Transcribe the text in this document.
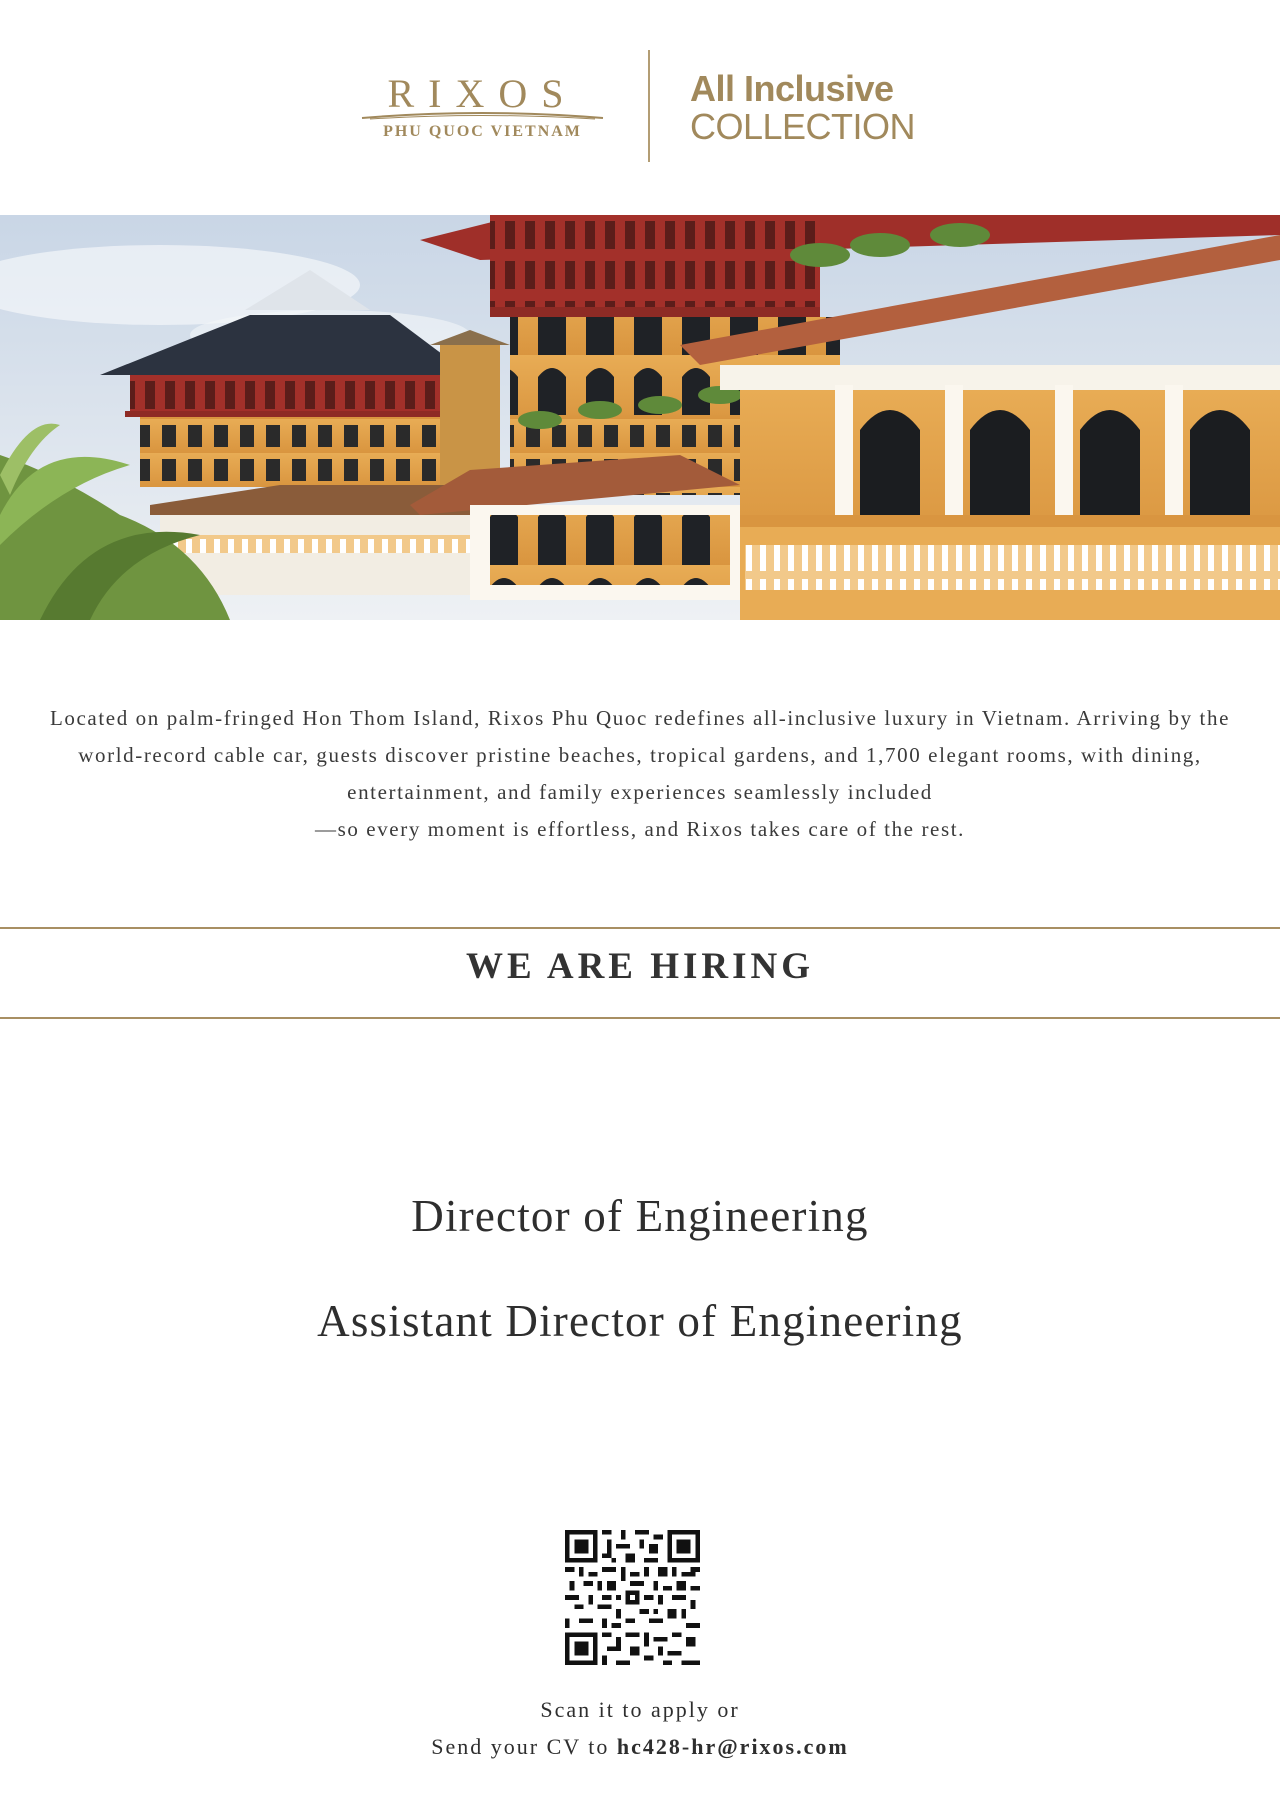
RIXOS
PHU QUOC VIETNAM
All Inclusive
COLLECTION

Located on palm-fringed Hon Thom Island, Rixos Phu Quoc redefines all-inclusive luxury in Vietnam. Arriving by the

world-record cable car, guests discover pristine beaches, tropical gardens, and 1,700 elegant rooms, with dining,

entertainment, and family experiences seamlessly included

—so every moment is effortless, and Rixos takes care of the rest.

WE ARE HIRING
Director of Engineering
Assistant Director of Engineering
Scan it to apply or
Send your CV to hc428-hr@rixos.com
